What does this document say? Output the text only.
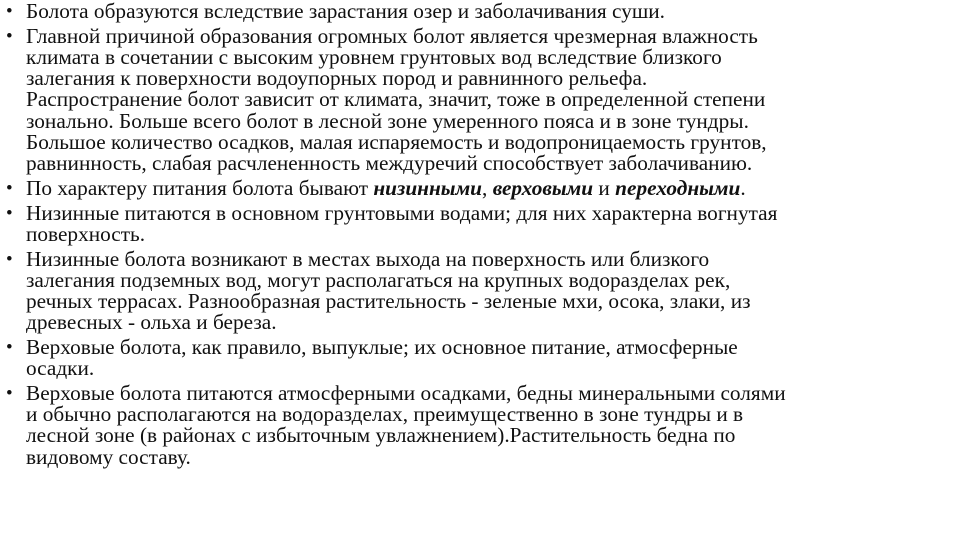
• Болота образуются вследствие зарастания озер и заболачивания суши.
• Главной причиной образования огромных болот является чрезмерная влажность
климата в сочетании с высоким уровнем грунтовых вод вследствие близкого
залегания к поверхности водоупорных пород и равнинного рельефа.
Распространение болот зависит от климата, значит, тоже в определенной степени
зонально. Больше всего болот в лесной зоне умеренного пояса и в зоне тундры.
Большое количество осадков, малая испаряемость и водопроницаемость грунтов,
равнинность, слабая расчлененность междуречий способствует заболачиванию.
• По характеру питания болота бывают низинными, верховыми и переходными.
• Низинные питаются в основном грунтовыми водами; для них характерна вогнутая
поверхность.
• Низинные болота возникают в местах выхода на поверхность или близкого
залегания подземных вод, могут располагаться на крупных водоразделах рек,
речных террасах. Разнообразная растительность - зеленые мхи, осока, злаки, из
древесных - ольха и береза.
• Верховые болота, как правило, выпуклые; их основное питание, атмосферные
осадки.
• Верховые болота питаются атмосферными осадками, бедны минеральными солями
и обычно располагаются на водоразделах, преимущественно в зоне тундры и в
лесной зоне (в районах с избыточным увлажнением).Растительность бедна по
видовому составу.
